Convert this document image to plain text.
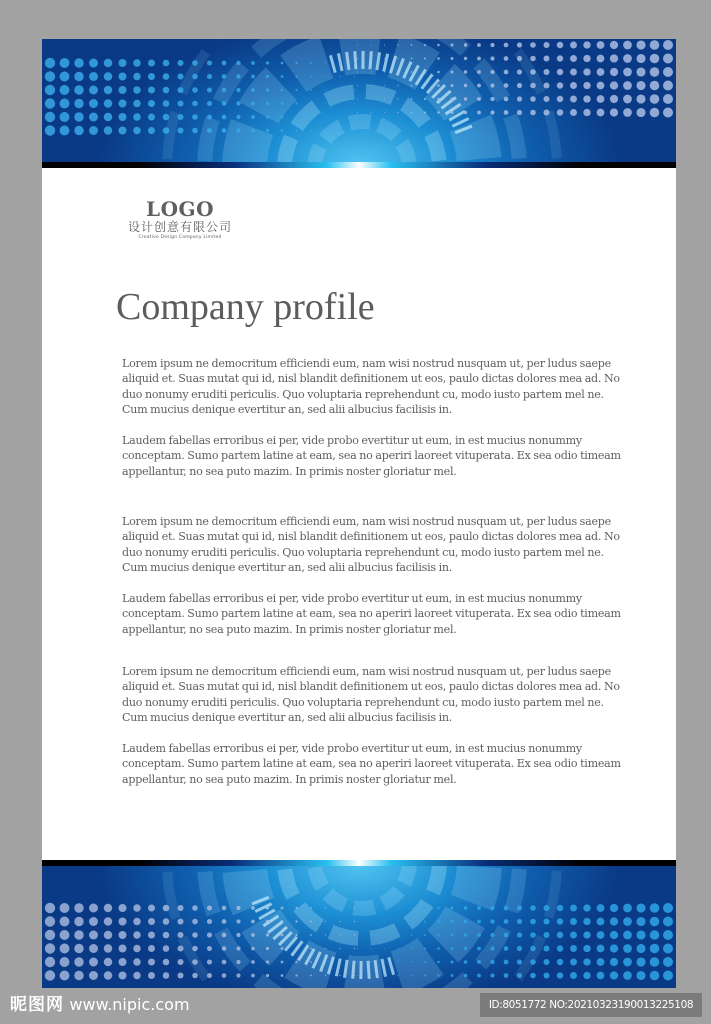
LOGO
设计创意有限公司
Creative Design Company Limited
Company profile
Lorem ipsum ne democritum efficiendi eum, nam wisi nostrud nusquam ut, per ludus saepe aliquid et. Suas mutat qui id, nisl blandit definitionem ut eos, paulo dictas dolores mea ad. No duo nonumy eruditi periculis. Quo voluptaria reprehendunt cu, modo iusto partem mel ne. Cum mucius denique evertitur an, sed alii albucius facilisis in.
Laudem fabellas erroribus ei per, vide probo evertitur ut eum, in est mucius nonummy conceptam. Sumo partem latine at eam, sea no aperiri laoreet vituperata. Ex sea odio timeam appellantur, no sea puto mazim. In primis noster gloriatur mel.
Lorem ipsum ne democritum efficiendi eum, nam wisi nostrud nusquam ut, per ludus saepe aliquid et. Suas mutat qui id, nisl blandit definitionem ut eos, paulo dictas dolores mea ad. No duo nonumy eruditi periculis. Quo voluptaria reprehendunt cu, modo iusto partem mel ne. Cum mucius denique evertitur an, sed alii albucius facilisis in.
Laudem fabellas erroribus ei per, vide probo evertitur ut eum, in est mucius nonummy conceptam. Sumo partem latine at eam, sea no aperiri laoreet vituperata. Ex sea odio timeam appellantur, no sea puto mazim. In primis noster gloriatur mel.
Lorem ipsum ne democritum efficiendi eum, nam wisi nostrud nusquam ut, per ludus saepe aliquid et. Suas mutat qui id, nisl blandit definitionem ut eos, paulo dictas dolores mea ad. No duo nonumy eruditi periculis. Quo voluptaria reprehendunt cu, modo iusto partem mel ne. Cum mucius denique evertitur an, sed alii albucius facilisis in.
Laudem fabellas erroribus ei per, vide probo evertitur ut eum, in est mucius nonummy conceptam. Sumo partem latine at eam, sea no aperiri laoreet vituperata. Ex sea odio timeam appellantur, no sea puto mazim. In primis noster gloriatur mel.
昵图网 www.nipic.com	ID:8051772 NO:20210323190013225108
